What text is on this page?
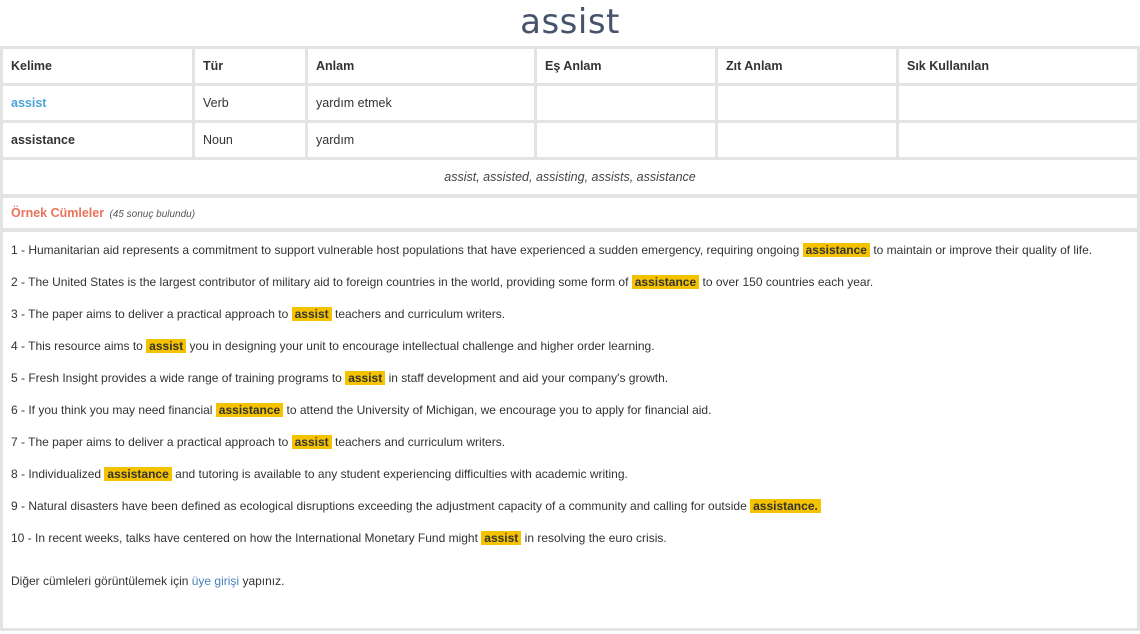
assist
Kelime	Tür	Anlam	Eş Anlam	Zıt Anlam	Sık Kullanılan
assist	Verb	yardım etmek			
assistance	Noun	yardım			
assist, assisted, assisting, assists, assistance
Örnek Cümleler (45 sonuç bulundu)
1 - Humanitarian aid represents a commitment to support vulnerable host populations that have experienced a sudden emergency, requiring ongoing assistance to maintain or improve their quality of life.
2 - The United States is the largest contributor of military aid to foreign countries in the world, providing some form of assistance to over 150 countries each year.
3 - The paper aims to deliver a practical approach to assist teachers and curriculum writers.
4 - This resource aims to assist you in designing your unit to encourage intellectual challenge and higher order learning.
5 - Fresh Insight provides a wide range of training programs to assist in staff development and aid your company's growth.
6 - If you think you may need financial assistance to attend the University of Michigan, we encourage you to apply for financial aid.
7 - The paper aims to deliver a practical approach to assist teachers and curriculum writers.
8 - Individualized assistance and tutoring is available to any student experiencing difficulties with academic writing.
9 - Natural disasters have been defined as ecological disruptions exceeding the adjustment capacity of a community and calling for outside assistance.
10 - In recent weeks, talks have centered on how the International Monetary Fund might assist in resolving the euro crisis.
Diğer cümleleri görüntülemek için üye girişi yapınız.
